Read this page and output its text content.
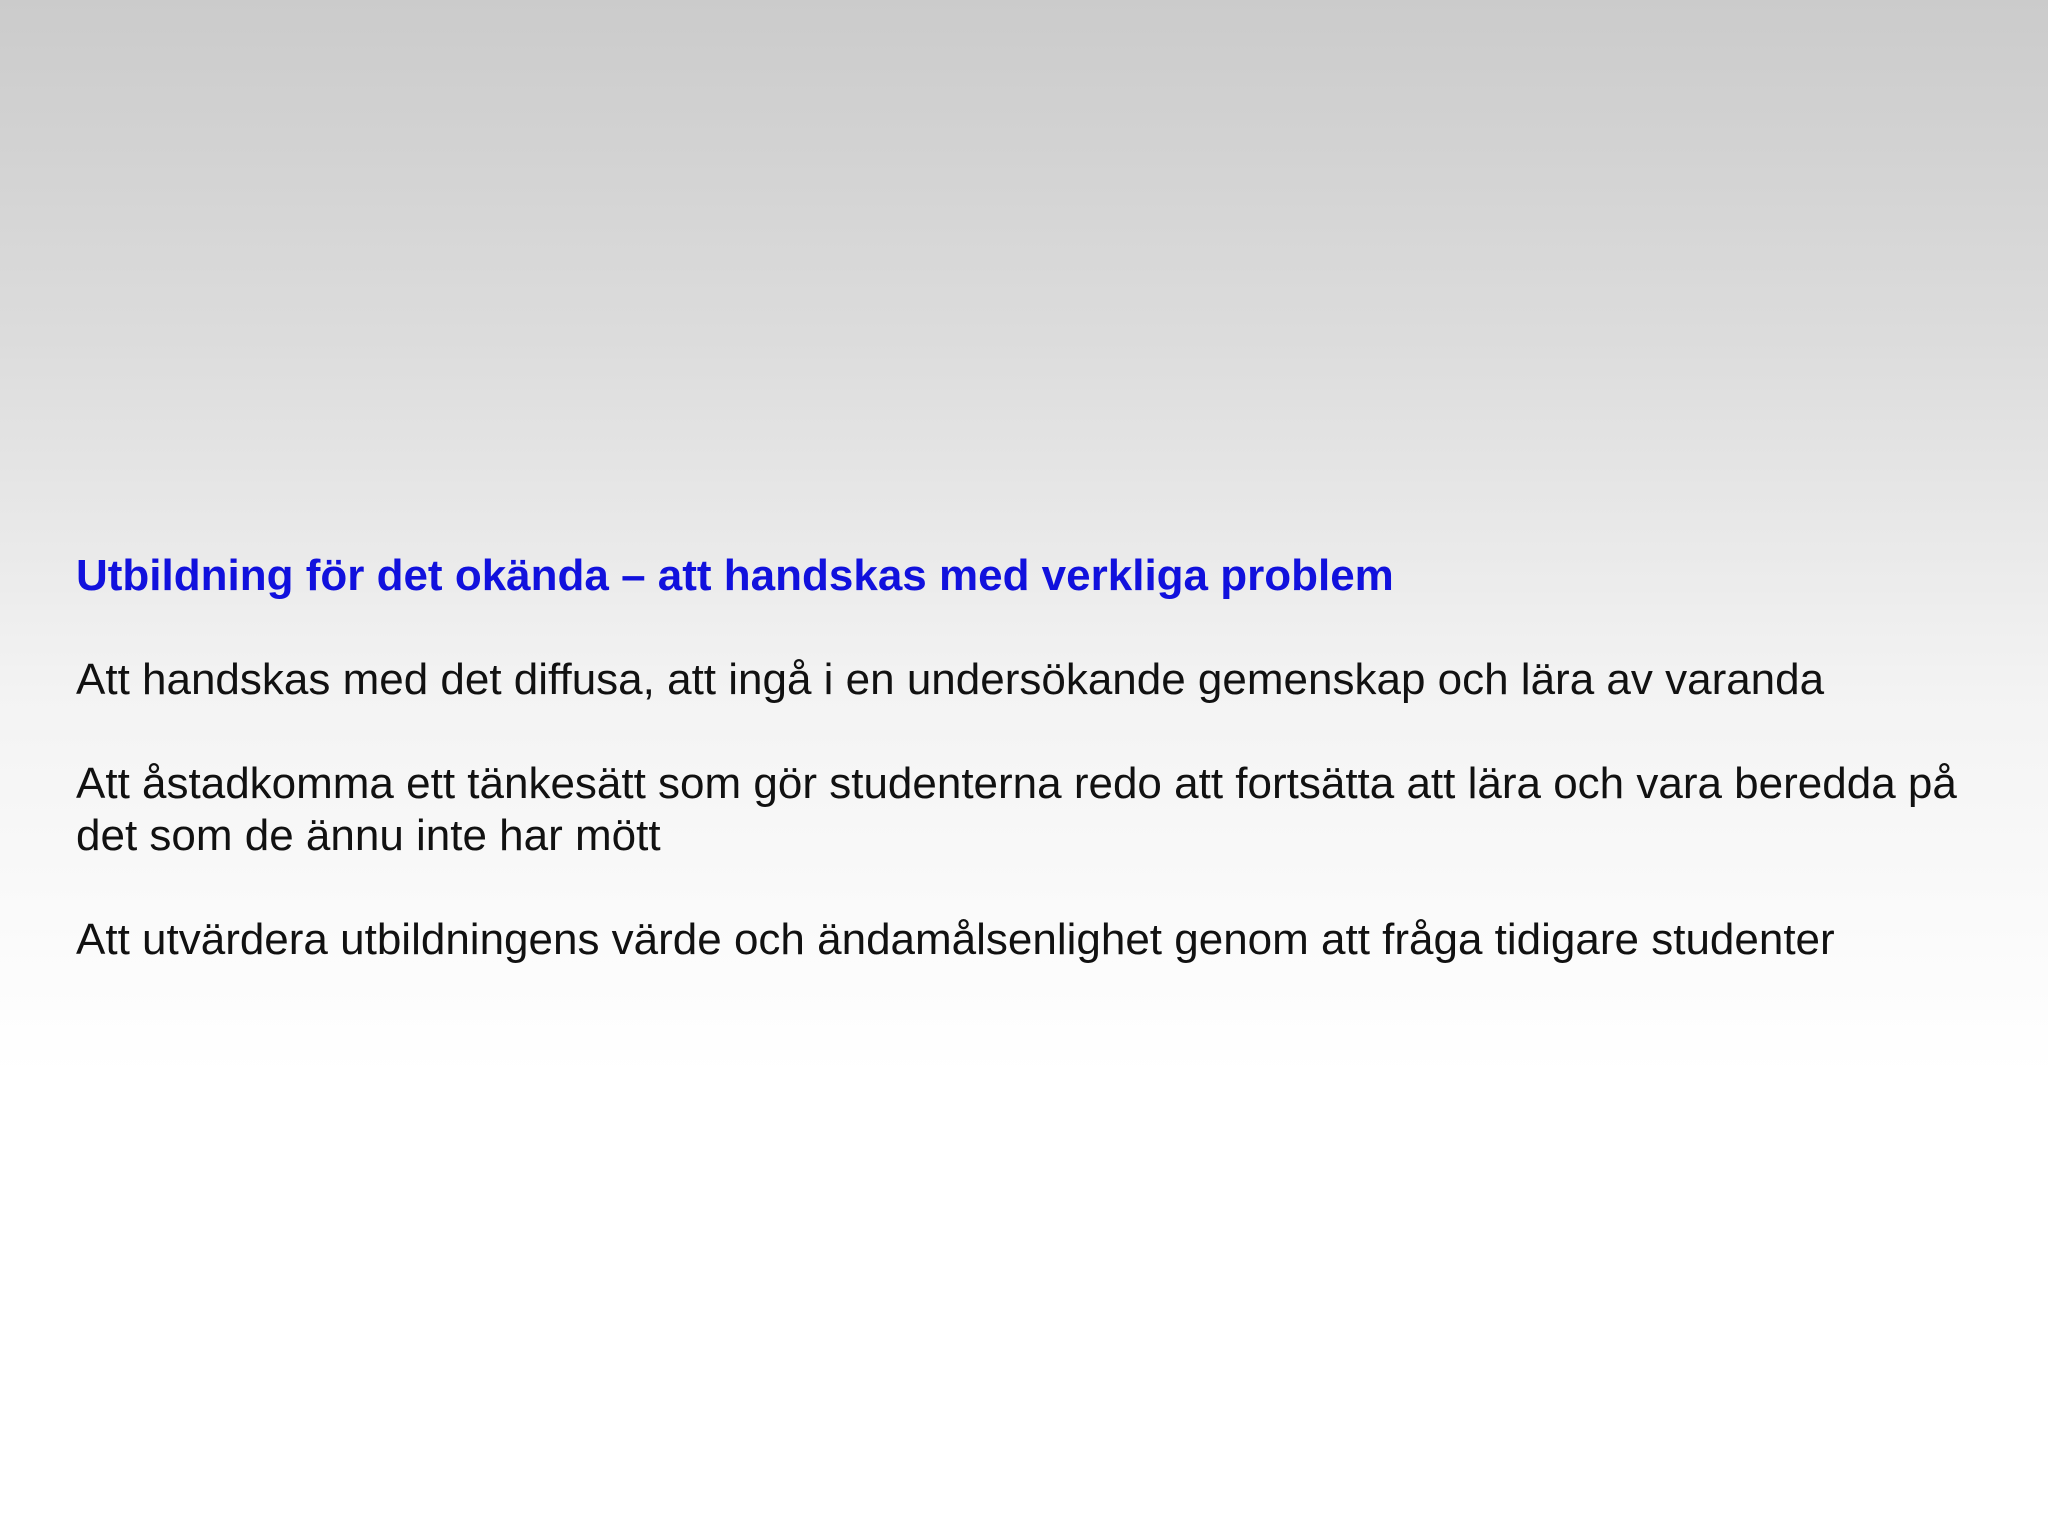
Utbildning för det okända – att handskas med verkliga problem
Att handskas med det diffusa, att ingå i en undersökande gemenskap och lära av varanda
Att åstadkomma ett tänkesätt som gör studenterna redo att fortsätta att lära och vara beredda på det som de ännu inte har mött
Att utvärdera utbildningens värde och ändamålsenlighet genom att fråga tidigare studenter
